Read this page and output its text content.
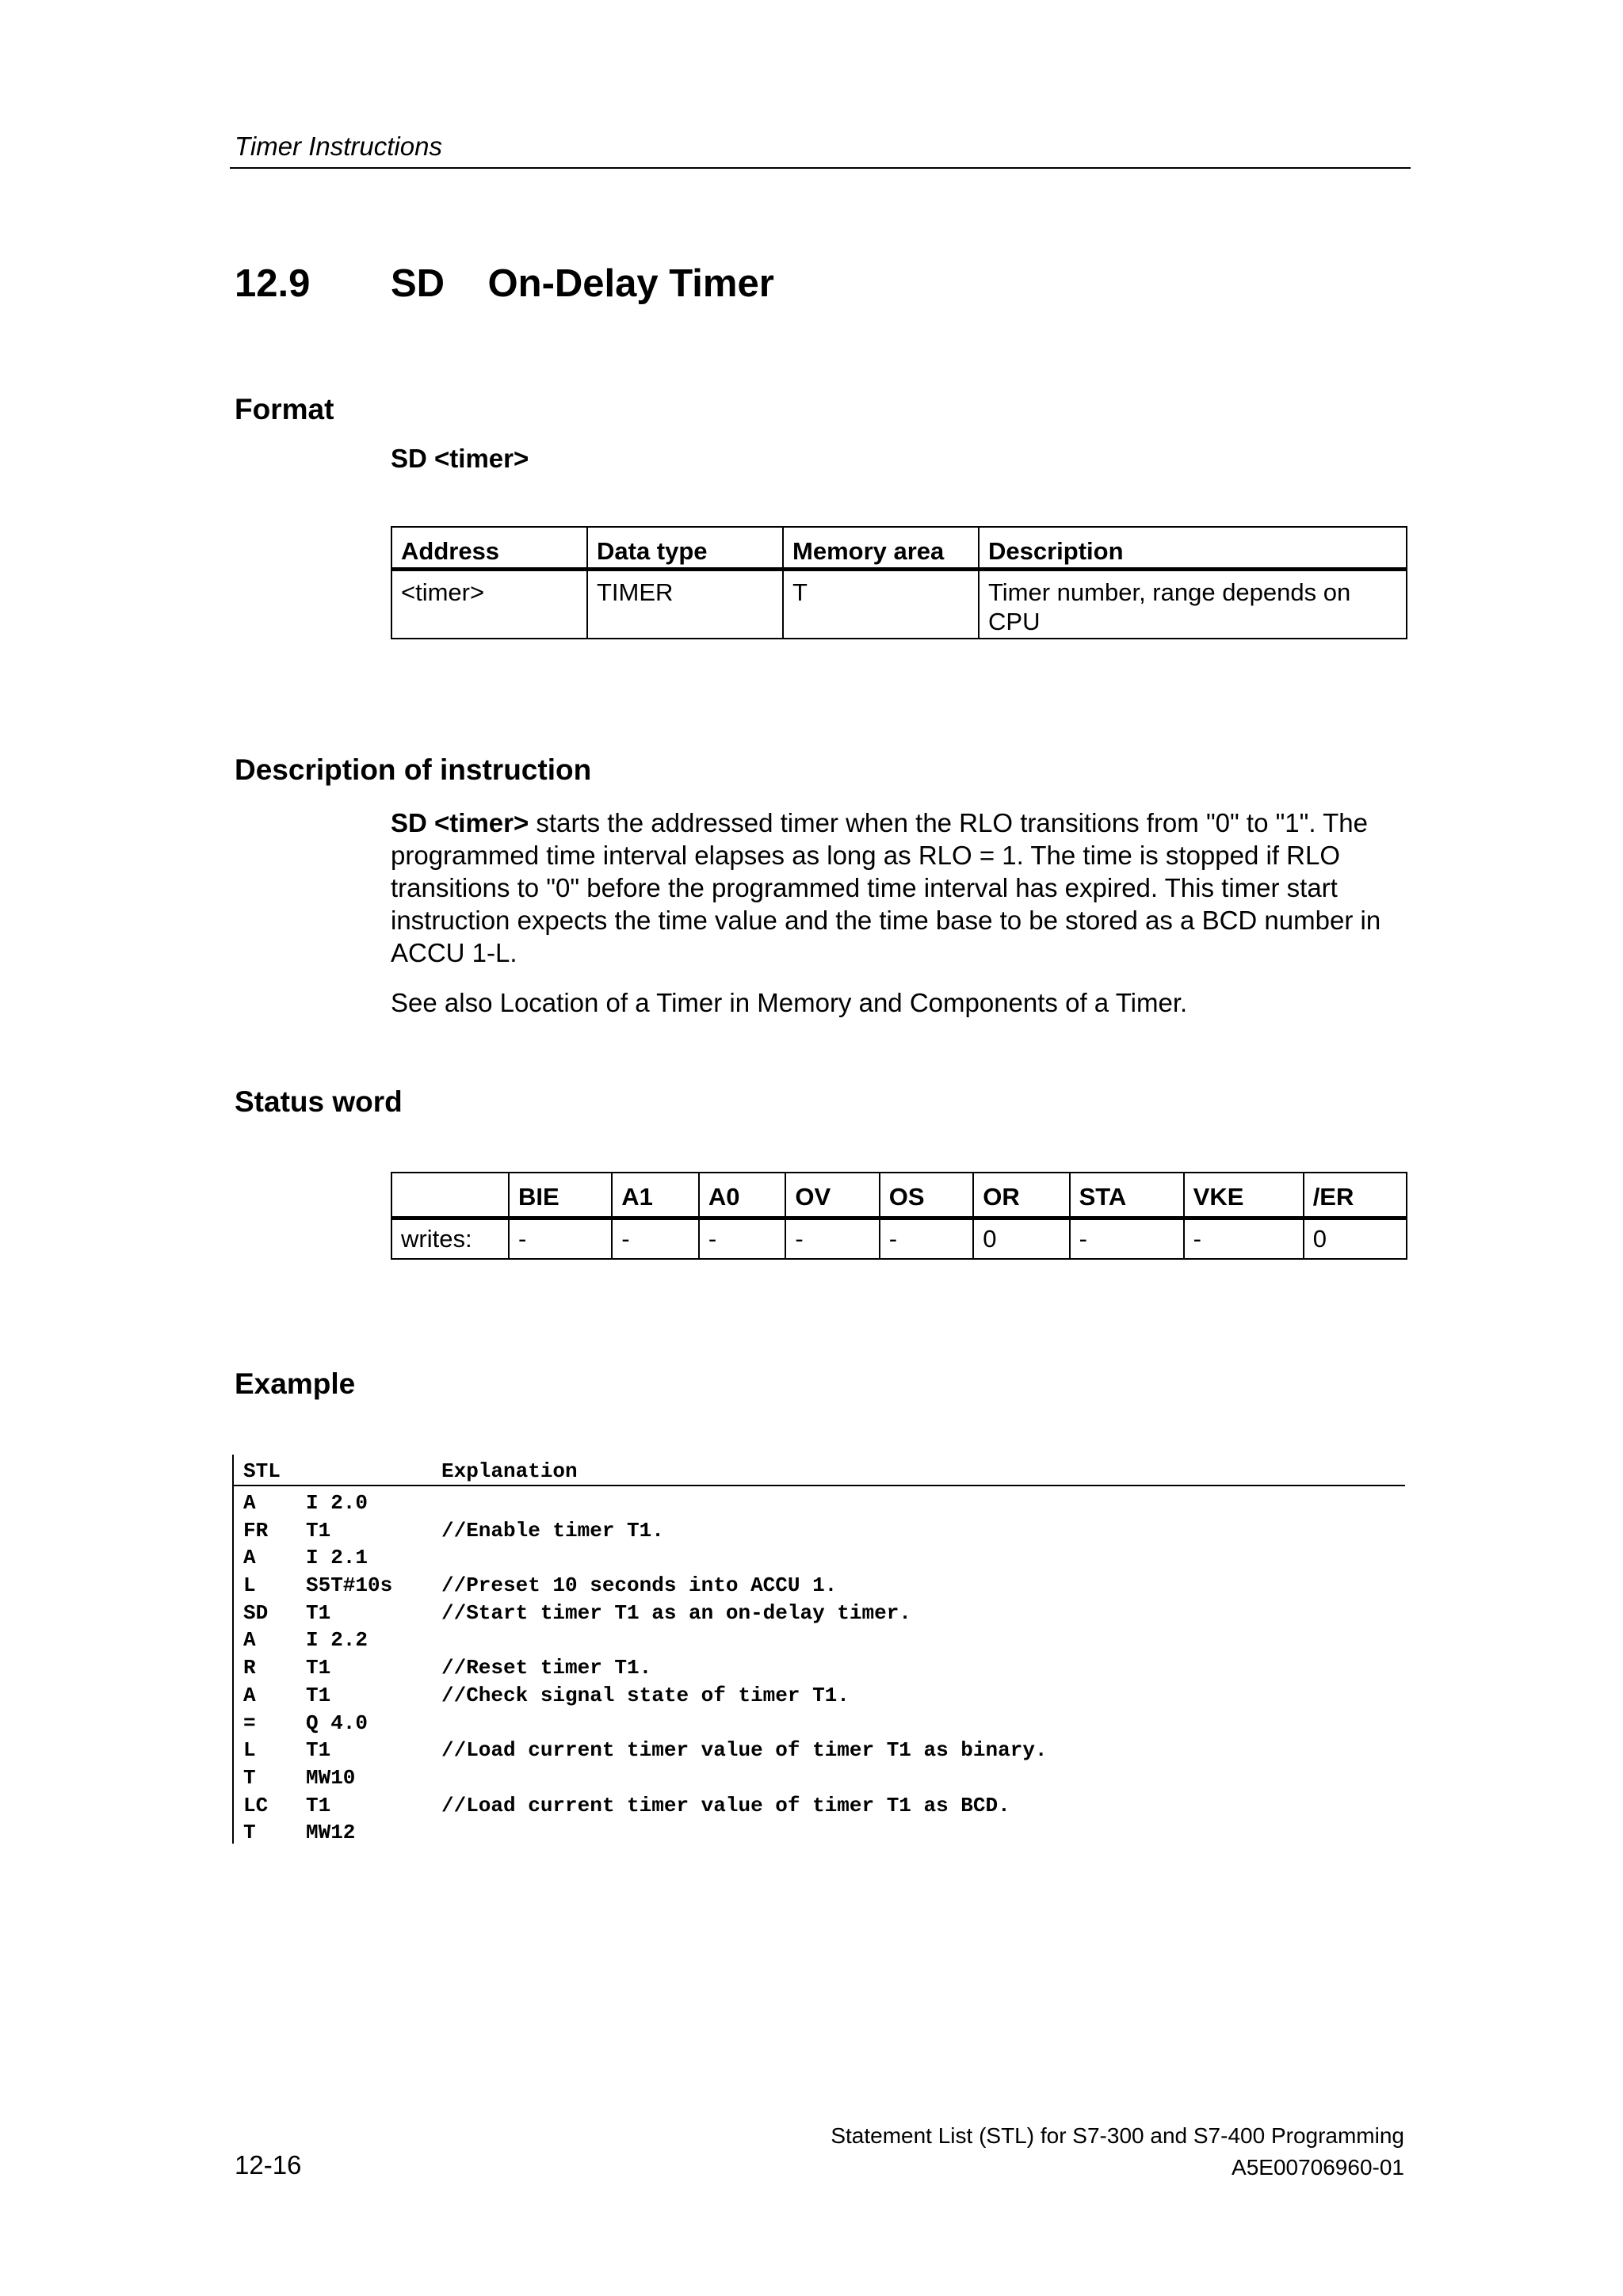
Timer Instructions
12.9 SD    On-Delay Timer
Format
SD <timer>
Address	Data type	Memory area	Description
<timer>	TIMER	T	Timer number, range depends on CPU
Description of instruction

SD <timer> starts the addressed timer when the RLO transitions from "0" to "1". The programmed time interval elapses as long as RLO = 1. The time is stopped if RLO transitions to "0" before the programmed time interval has expired. This timer start instruction expects the time value and the time base to be stored as a BCD number in ACCU 1-L.

See also Location of a Timer in Memory and Components of a Timer.

Status word
	BIE	A1	A0	OV	OS	OR	STA	VKE	/ER
writes:	-	-	-	-	-	0	-	-	0
Example
STL	Explanation
A I 2.0
FR T1	//Enable timer T1.
A I 2.1
L S5T#10s //Preset 10 seconds into ACCU 1.
SD T1	//Start timer T1 as an on-delay timer.
A I 2.2
R T1	//Reset timer T1.
A T1	//Check signal state of timer T1.
= Q 4.0
L T1	//Load current timer value of timer T1 as binary.
T MW10
LC T1	//Load current timer value of timer T1 as BCD.
T MW12
12-16
Statement List (STL) for S7-300 and S7-400 Programming
A5E00706960-01
